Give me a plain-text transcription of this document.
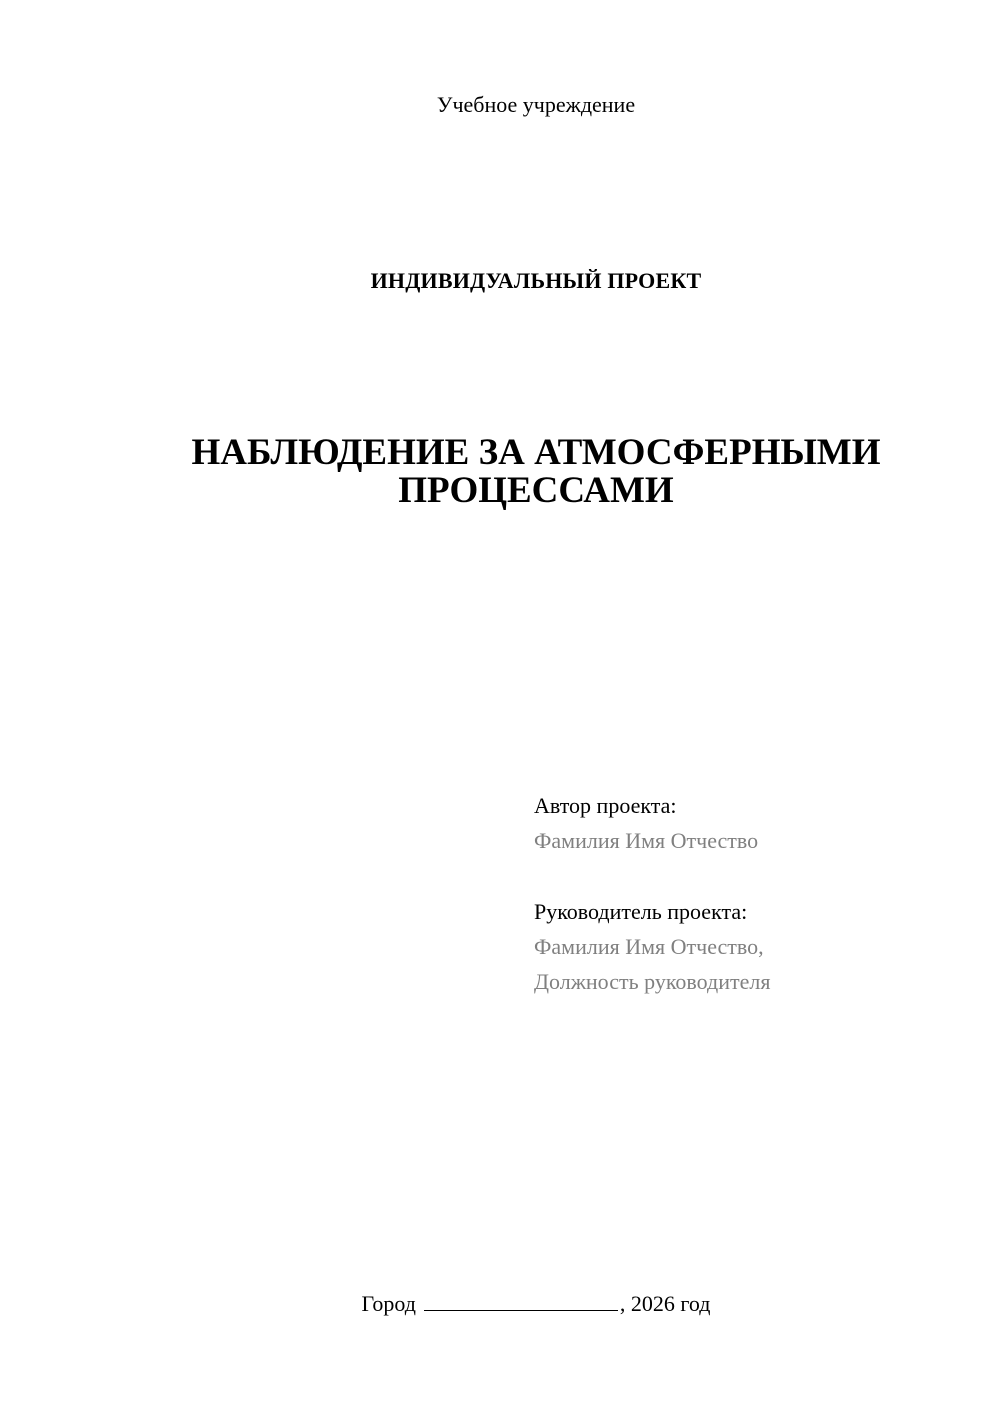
Учебное учреждение
ИНДИВИДУАЛЬНЫЙ ПРОЕКТ
НАБЛЮДЕНИЕ ЗА АТМОСФЕРНЫМИ
ПРОЦЕССАМИ
Автор проекта:
Фамилия Имя Отчество
Руководитель проекта:
Фамилия Имя Отчество,
Должность руководителя
Город	, 2026 год
